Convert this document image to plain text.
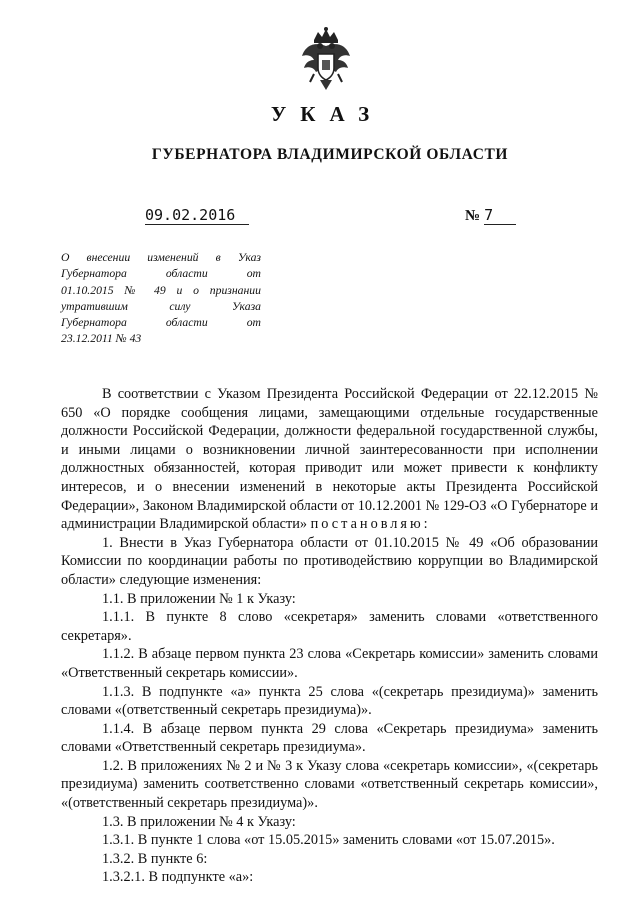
УКАЗ
ГУБЕРНАТОРА ВЛАДИМИРСКОЙ ОБЛАСТИ
09.02.2016	№ 7
О внесении изменений в Указ
Губернатора области от
01.10.2015 № 49 и о признании
утратившим силу Указа
Губернатора области от
23.12.2011 № 43

В соответствии с Указом Президента Российской Федерации от 22.12.2015 № 650 «О порядке сообщения лицами, замещающими отдельные государственные должности Российской Федерации, должности федеральной государственной службы, и иными лицами о возникновении личной заинтересованности при исполнении должностных обязанностей, которая приводит или может привести к конфликту интересов, и о внесении изменений в некоторые акты Президента Российской Федерации», Законом Владимирской области от 10.12.2001 № 129-ОЗ «О Губернаторе и администрации Владимирской области» постановляю:

1. Внести в Указ Губернатора области от 01.10.2015 № 49 «Об образовании Комиссии по координации работы по противодействию коррупции во Владимирской области» следующие изменения:

1.1. В приложении № 1 к Указу:

1.1.1. В пункте 8 слово «секретаря» заменить словами «ответственного секретаря».

1.1.2. В абзаце первом пункта 23 слова «Секретарь комиссии» заменить словами «Ответственный секретарь комиссии».

1.1.3. В подпункте «а» пункта 25 слова «(секретарь президиума)» заменить словами «(ответственный секретарь президиума)».

1.1.4. В абзаце первом пункта 29 слова «Секретарь президиума» заменить словами «Ответственный секретарь президиума».

1.2. В приложениях № 2 и № 3 к Указу слова «секретарь комиссии», «(секретарь президиума) заменить соответственно словами «ответственный секретарь комиссии», «(ответственный секретарь президиума)».

1.3. В приложении № 4 к Указу:

1.3.1. В пункте 1 слова «от 15.05.2015» заменить словами «от 15.07.2015».

1.3.2. В пункте 6:

1.3.2.1. В подпункте «а»:
